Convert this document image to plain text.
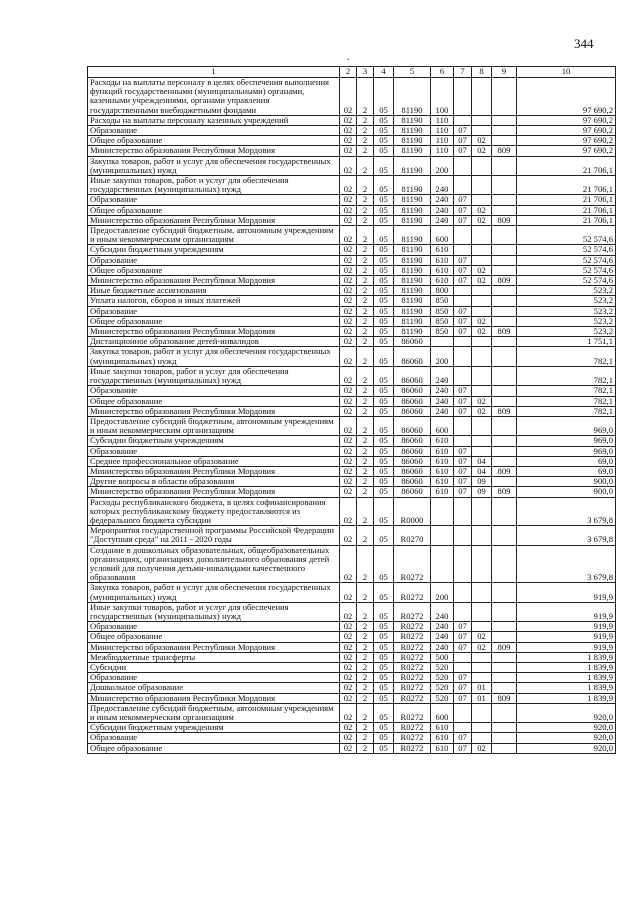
344
.
1	2	3	4	5	6	7	8	9	10
Расходы на выплаты персоналу в целях обеспечения выполнения функций государственными (муниципальными) органами, казенными учреждениями, органами управления государственными внебюджетными фондами	02	2	05	81190	100				97 690,2
Расходы на выплаты персоналу казенных учреждений	02	2	05	81190	110				97 690,2
Образование	02	2	05	81190	110	07			97 690,2
Общее образование	02	2	05	81190	110	07	02		97 690,2
Министерство образования Республики Мордовия	02	2	05	81190	110	07	02	809	97 690,2
Закупка товаров, работ и услуг для обеспечения государственных (муниципальных) нужд	02	2	05	81190	200				21 706,1
Иные закупки товаров, работ и услуг для обеспечения государственных (муниципальных) нужд	02	2	05	81190	240				21 706,1
Образование	02	2	05	81190	240	07			21 706,1
Общее образование	02	2	05	81190	240	07	02		21 706,1
Министерство образования Республики Мордовия	02	2	05	81190	240	07	02	809	21 706,1
Предоставление субсидий бюджетным, автономным учреждениям и иным некоммерческим организациям	02	2	05	81190	600				52 574,6
Субсидии бюджетным учреждениям	02	2	05	81190	610				52 574,6
Образование	02	2	05	81190	610	07			52 574,6
Общее образование	02	2	05	81190	610	07	02		52 574,6
Министерство образования Республики Мордовия	02	2	05	81190	610	07	02	809	52 574,6
Иные бюджетные ассигнования	02	2	05	81190	800				523,2
Уплата налогов, сборов и иных платежей	02	2	05	81190	850				523,2
Образование	02	2	05	81190	850	07			523,2
Общее образование	02	2	05	81190	850	07	02		523,2
Министерство образования Республики Мордовия	02	2	05	81190	850	07	02	809	523,2
Дистанционное образование детей-инвалидов	02	2	05	86060					1 751,1
Закупка товаров, работ и услуг для обеспечения государственных (муниципальных) нужд	02	2	05	86060	200				782,1
Иные закупки товаров, работ и услуг для обеспечения государственных (муниципальных) нужд	02	2	05	86060	240				782,1
Образование	02	2	05	86060	240	07			782,1
Общее образование	02	2	05	86060	240	07	02		782,1
Министерство образования Республики Мордовия	02	2	05	86060	240	07	02	809	782,1
Предоставление субсидий бюджетным, автономным учреждениям и иным некоммерческим организациям	02	2	05	86060	600				969,0
Субсидии бюджетным учреждениям	02	2	05	86060	610				969,0
Образование	02	2	05	86060	610	07			969,0
Среднее профессиональное образование	02	2	05	86060	610	07	04		69,0
Министерство образования Республики Мордовия	02	2	05	86060	610	07	04	809	69,0
Другие вопросы в области образования	02	2	05	86060	610	07	09		900,0
Министерство образования Республики Мордовия	02	2	05	86060	610	07	09	809	900,0
Расходы республиканского бюджета, в целях софинансирования которых республиканскому бюджету предоставляются из федерального бюджета субсидии	02	2	05	R0000					3 679,8
Мероприятия государственной программы Российской Федерации "Доступная среда" на 2011 - 2020 годы	02	2	05	R0270					3 679,8
Создание в дошкольных образовательных, общеобразовательных организациях, организациях дополнительного образования детей условий для получения детьми-инвалидами качественного образования	02	2	05	R0272					3 679,8
Закупка товаров, работ и услуг для обеспечения государственных (муниципальных) нужд	02	2	05	R0272	200				919,9
Иные закупки товаров, работ и услуг для обеспечения государственных (муниципальных) нужд	02	2	05	R0272	240				919,9
Образование	02	2	05	R0272	240	07			919,9
Общее образование	02	2	05	R0272	240	07	02		919,9
Министерство образования Республики Мордовия	02	2	05	R0272	240	07	02	809	919,9
Межбюджетные трансферты	02	2	05	R0272	500				1 839,9
Субсидии	02	2	05	R0272	520				1 839,9
Образование	02	2	05	R0272	520	07			1 839,9
Дошкольное образование	02	2	05	R0272	520	07	01		1 839,9
Министерство образования Республики Мордовия	02	2	05	R0272	520	07	01	809	1 839,9
Предоставление субсидий бюджетным, автономным учреждениям и иным некоммерческим организациям	02	2	05	R0272	600				920,0
Субсидии бюджетным учреждениям	02	2	05	R0272	610				920,0
Образование	02	2	05	R0272	610	07			920,0
Общее образование	02	2	05	R0272	610	07	02		920,0
